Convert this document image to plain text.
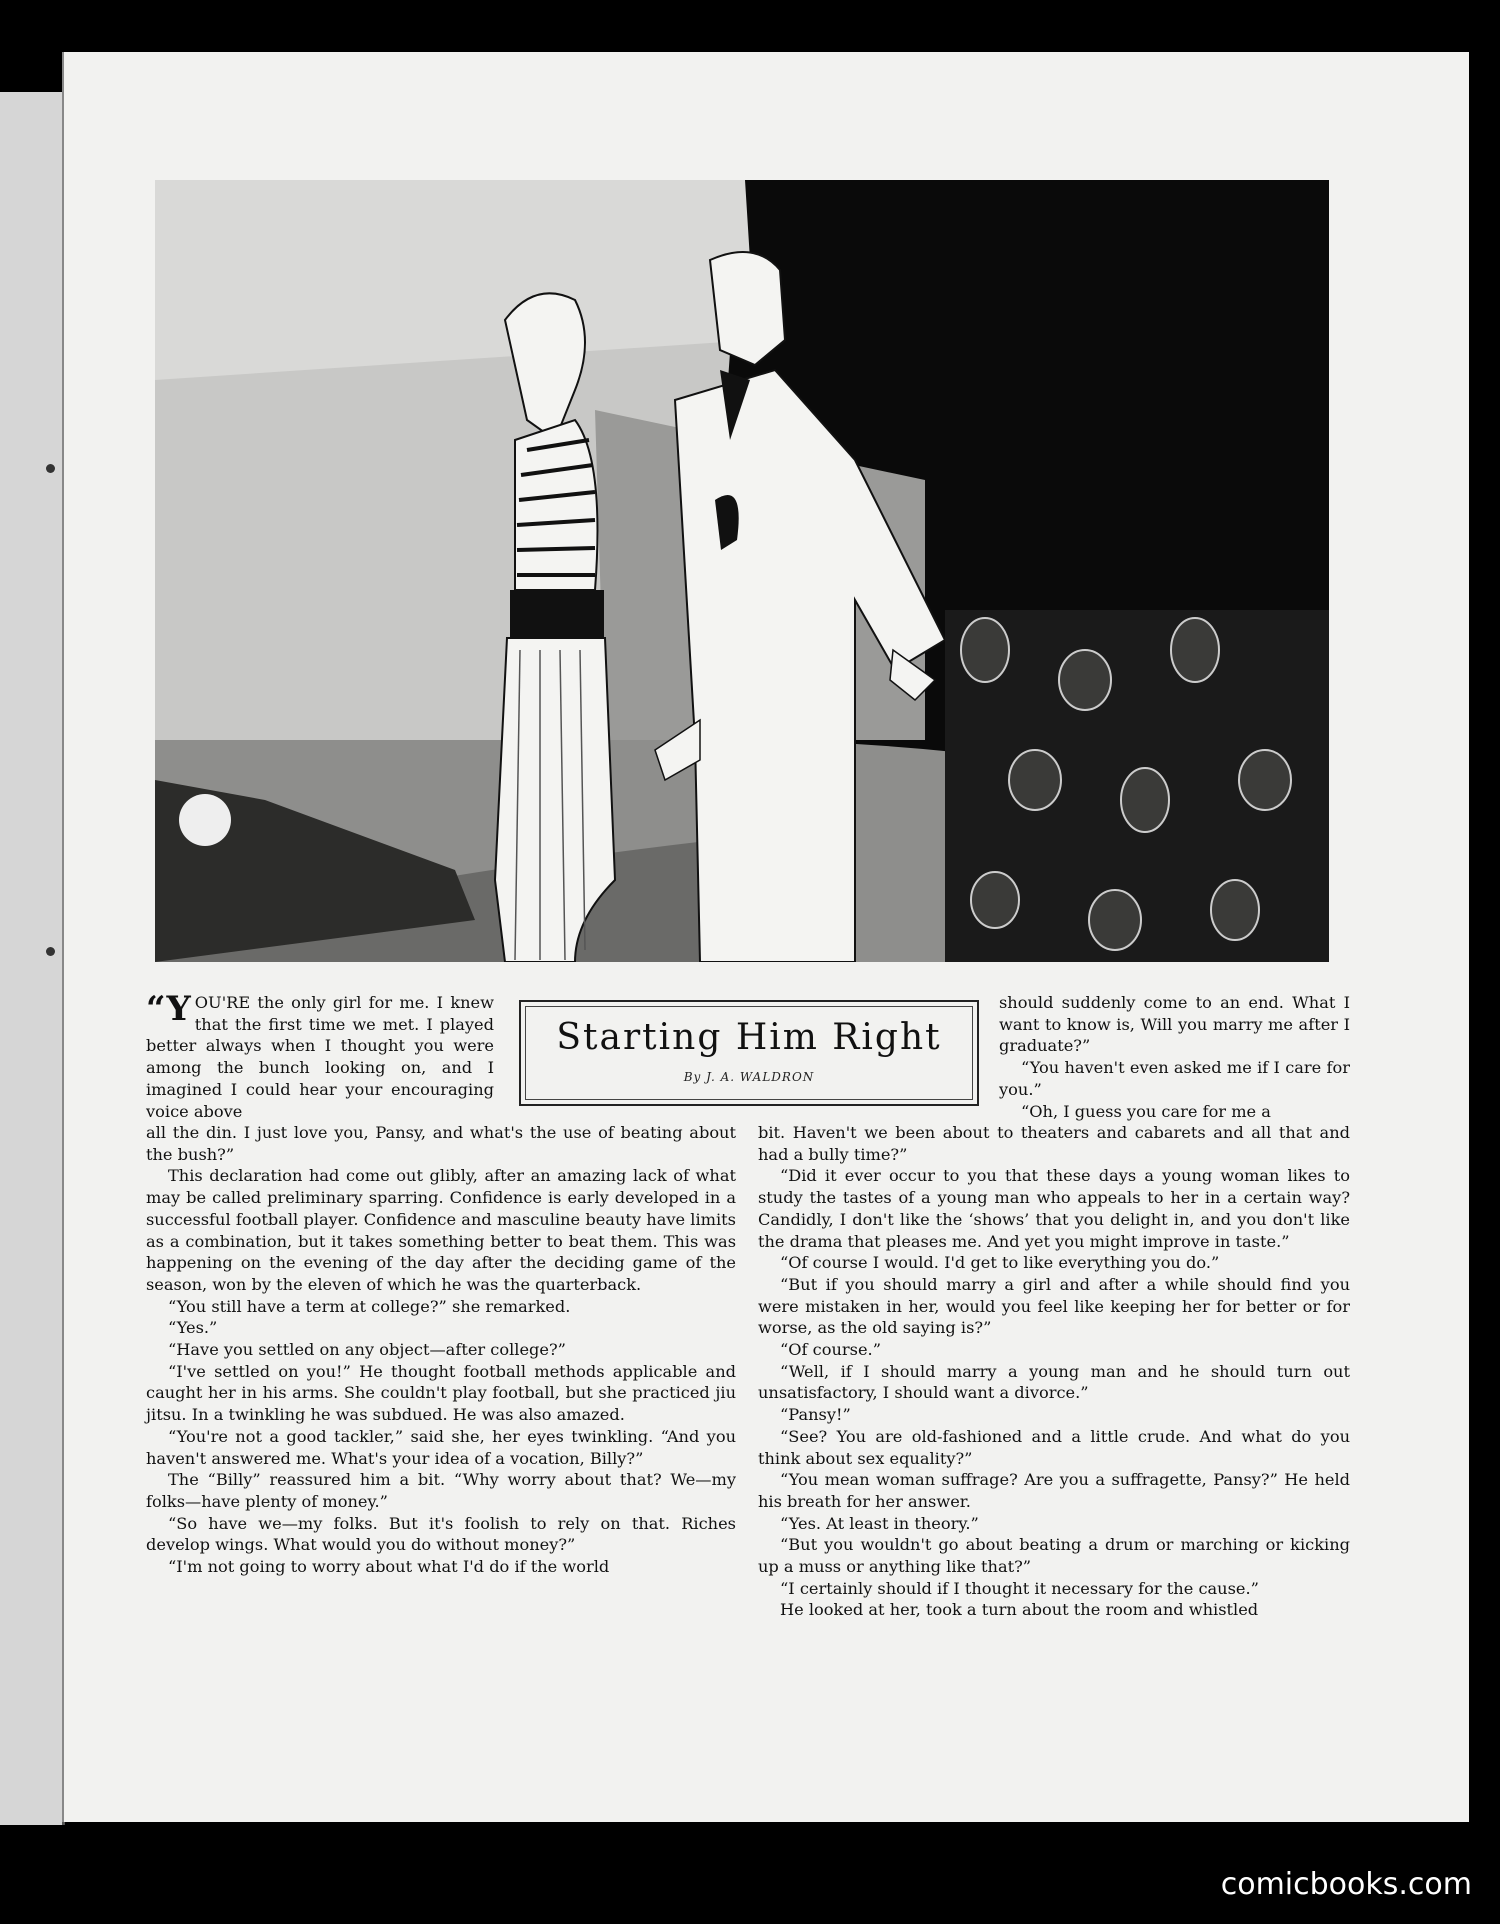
“YOU'RE the only girl for me. I knew that the first time we met. I played better always when I thought you were among the bunch looking on, and I imagined I could hear your encouraging voice above

Starting Him Right
By J. A. WALDRON

should suddenly come to an end. What I want to know is, Will you marry me after I graduate?”

“You haven't even asked me if I care for you.”

“Oh, I guess you care for me a

all the din. I just love you, Pansy, and what's the use of beating about the bush?”

This declaration had come out glibly, after an amazing lack of what may be called preliminary sparring. Confidence is early developed in a successful football player. Confidence and masculine beauty have limits as a combination, but it takes something better to beat them. This was happening on the evening of the day after the deciding game of the season, won by the eleven of which he was the quarterback.

“You still have a term at college?” she remarked.

“Yes.”

“Have you settled on any object—after college?”

“I've settled on you!” He thought football methods applicable and caught her in his arms. She couldn't play football, but she practiced jiu jitsu. In a twinkling he was subdued. He was also amazed.

“You're not a good tackler,” said she, her eyes twinkling. “And you haven't answered me. What's your idea of a vocation, Billy?”

The “Billy” reassured him a bit. “Why worry about that? We—my folks—have plenty of money.”

“So have we—my folks. But it's foolish to rely on that. Riches develop wings. What would you do without money?”

“I'm not going to worry about what I'd do if the world

bit. Haven't we been about to theaters and cabarets and all that and had a bully time?”

“Did it ever occur to you that these days a young woman likes to study the tastes of a young man who appeals to her in a certain way? Candidly, I don't like the ‘shows’ that you delight in, and you don't like the drama that pleases me. And yet you might improve in taste.”

“Of course I would. I'd get to like everything you do.”

“But if you should marry a girl and after a while should find you were mistaken in her, would you feel like keeping her for better or for worse, as the old saying is?”

“Of course.”

“Well, if I should marry a young man and he should turn out unsatisfactory, I should want a divorce.”

“Pansy!”

“See? You are old-fashioned and a little crude. And what do you think about sex equality?”

“You mean woman suffrage? Are you a suffragette, Pansy?” He held his breath for her answer.

“Yes. At least in theory.”

“But you wouldn't go about beating a drum or marching or kicking up a muss or anything like that?”

“I certainly should if I thought it necessary for the cause.”

He looked at her, took a turn about the room and whistled

comicbooks.com
